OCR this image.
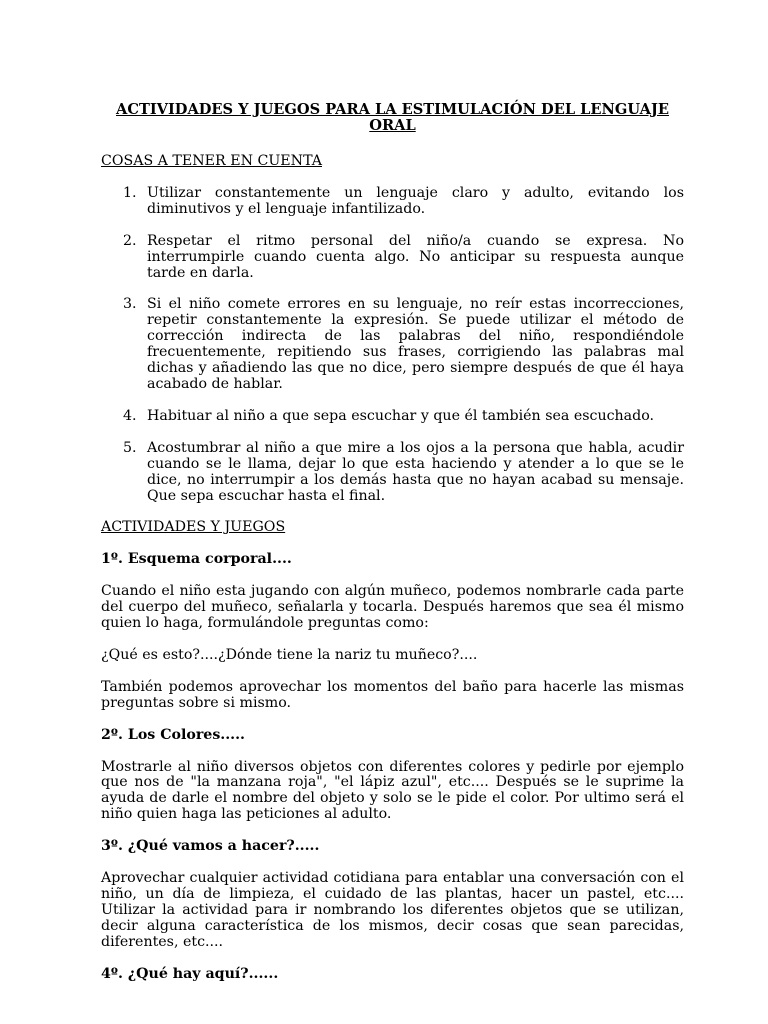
ACTIVIDADES Y JUEGOS PARA LA ESTIMULACIÓN DEL LENGUAJE ORAL
COSAS A TENER EN CUENTA
1. Utilizar constantemente un lenguaje claro y adulto, evitando los diminutivos y el lenguaje infantilizado.
2. Respetar el ritmo personal del niño/a cuando se expresa. No interrumpirle cuando cuenta algo. No anticipar su respuesta aunque tarde en darla.
3. Si el niño comete errores en su lenguaje, no reír estas incorrecciones, repetir constantemente la expresión. Se puede utilizar el método de corrección indirecta de las palabras del niño, respondiéndole frecuentemente, repitiendo sus frases, corrigiendo las palabras mal dichas y añadiendo las que no dice, pero siempre después de que él haya acabado de hablar.
4. Habituar al niño a que sepa escuchar y que él también sea escuchado.
5. Acostumbrar al niño a que mire a los ojos a la persona que habla, acudir cuando se le llama, dejar lo que esta haciendo y atender a lo que se le dice, no interrumpir a los demás hasta que no hayan acabad su mensaje. Que sepa escuchar hasta el final.
ACTIVIDADES Y JUEGOS
1º. Esquema corporal....

Cuando el niño esta jugando con algún muñeco, podemos nombrarle cada parte del cuerpo del muñeco, señalarla y tocarla. Después haremos que sea él mismo quien lo haga, formulándole preguntas como:

¿Qué es esto?....¿Dónde tiene la nariz tu muñeco?....

También podemos aprovechar los momentos del baño para hacerle las mismas preguntas sobre si mismo.

2º. Los Colores.....

Mostrarle al niño diversos objetos con diferentes colores y pedirle por ejemplo que nos de "la manzana roja", "el lápiz azul", etc.... Después se le suprime la ayuda de darle el nombre del objeto y solo se le pide el color. Por ultimo será el niño quien haga las peticiones al adulto.

3º. ¿Qué vamos a hacer?.....

Aprovechar cualquier actividad cotidiana para entablar una conversación con el niño, un día de limpieza, el cuidado de las plantas, hacer un pastel, etc.... Utilizar la actividad para ir nombrando los diferentes objetos que se utilizan, decir alguna característica de los mismos, decir cosas que sean parecidas, diferentes, etc....

4º. ¿Qué hay aquí?......
